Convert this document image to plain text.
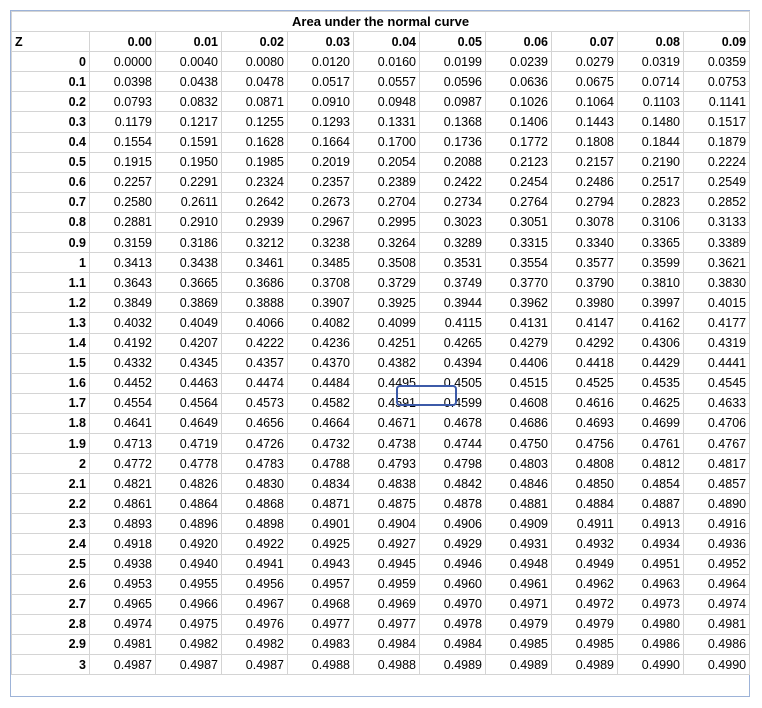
Area under the normal curve										
Z	0.00	0.01	0.02	0.03	0.04	0.05	0.06	0.07	0.08	0.09
0	0.0000	0.0040	0.0080	0.0120	0.0160	0.0199	0.0239	0.0279	0.0319	0.0359
0.1	0.0398	0.0438	0.0478	0.0517	0.0557	0.0596	0.0636	0.0675	0.0714	0.0753
0.2	0.0793	0.0832	0.0871	0.0910	0.0948	0.0987	0.1026	0.1064	0.1103	0.1141
0.3	0.1179	0.1217	0.1255	0.1293	0.1331	0.1368	0.1406	0.1443	0.1480	0.1517
0.4	0.1554	0.1591	0.1628	0.1664	0.1700	0.1736	0.1772	0.1808	0.1844	0.1879
0.5	0.1915	0.1950	0.1985	0.2019	0.2054	0.2088	0.2123	0.2157	0.2190	0.2224
0.6	0.2257	0.2291	0.2324	0.2357	0.2389	0.2422	0.2454	0.2486	0.2517	0.2549
0.7	0.2580	0.2611	0.2642	0.2673	0.2704	0.2734	0.2764	0.2794	0.2823	0.2852
0.8	0.2881	0.2910	0.2939	0.2967	0.2995	0.3023	0.3051	0.3078	0.3106	0.3133
0.9	0.3159	0.3186	0.3212	0.3238	0.3264	0.3289	0.3315	0.3340	0.3365	0.3389
1	0.3413	0.3438	0.3461	0.3485	0.3508	0.3531	0.3554	0.3577	0.3599	0.3621
1.1	0.3643	0.3665	0.3686	0.3708	0.3729	0.3749	0.3770	0.3790	0.3810	0.3830
1.2	0.3849	0.3869	0.3888	0.3907	0.3925	0.3944	0.3962	0.3980	0.3997	0.4015
1.3	0.4032	0.4049	0.4066	0.4082	0.4099	0.4115	0.4131	0.4147	0.4162	0.4177
1.4	0.4192	0.4207	0.4222	0.4236	0.4251	0.4265	0.4279	0.4292	0.4306	0.4319
1.5	0.4332	0.4345	0.4357	0.4370	0.4382	0.4394	0.4406	0.4418	0.4429	0.4441
1.6	0.4452	0.4463	0.4474	0.4484	0.4495	0.4505	0.4515	0.4525	0.4535	0.4545
1.7	0.4554	0.4564	0.4573	0.4582	0.4591	0.4599	0.4608	0.4616	0.4625	0.4633
1.8	0.4641	0.4649	0.4656	0.4664	0.4671	0.4678	0.4686	0.4693	0.4699	0.4706
1.9	0.4713	0.4719	0.4726	0.4732	0.4738	0.4744	0.4750	0.4756	0.4761	0.4767
2	0.4772	0.4778	0.4783	0.4788	0.4793	0.4798	0.4803	0.4808	0.4812	0.4817
2.1	0.4821	0.4826	0.4830	0.4834	0.4838	0.4842	0.4846	0.4850	0.4854	0.4857
2.2	0.4861	0.4864	0.4868	0.4871	0.4875	0.4878	0.4881	0.4884	0.4887	0.4890
2.3	0.4893	0.4896	0.4898	0.4901	0.4904	0.4906	0.4909	0.4911	0.4913	0.4916
2.4	0.4918	0.4920	0.4922	0.4925	0.4927	0.4929	0.4931	0.4932	0.4934	0.4936
2.5	0.4938	0.4940	0.4941	0.4943	0.4945	0.4946	0.4948	0.4949	0.4951	0.4952
2.6	0.4953	0.4955	0.4956	0.4957	0.4959	0.4960	0.4961	0.4962	0.4963	0.4964
2.7	0.4965	0.4966	0.4967	0.4968	0.4969	0.4970	0.4971	0.4972	0.4973	0.4974
2.8	0.4974	0.4975	0.4976	0.4977	0.4977	0.4978	0.4979	0.4979	0.4980	0.4981
2.9	0.4981	0.4982	0.4982	0.4983	0.4984	0.4984	0.4985	0.4985	0.4986	0.4986
3	0.4987	0.4987	0.4987	0.4988	0.4988	0.4989	0.4989	0.4989	0.4990	0.4990
